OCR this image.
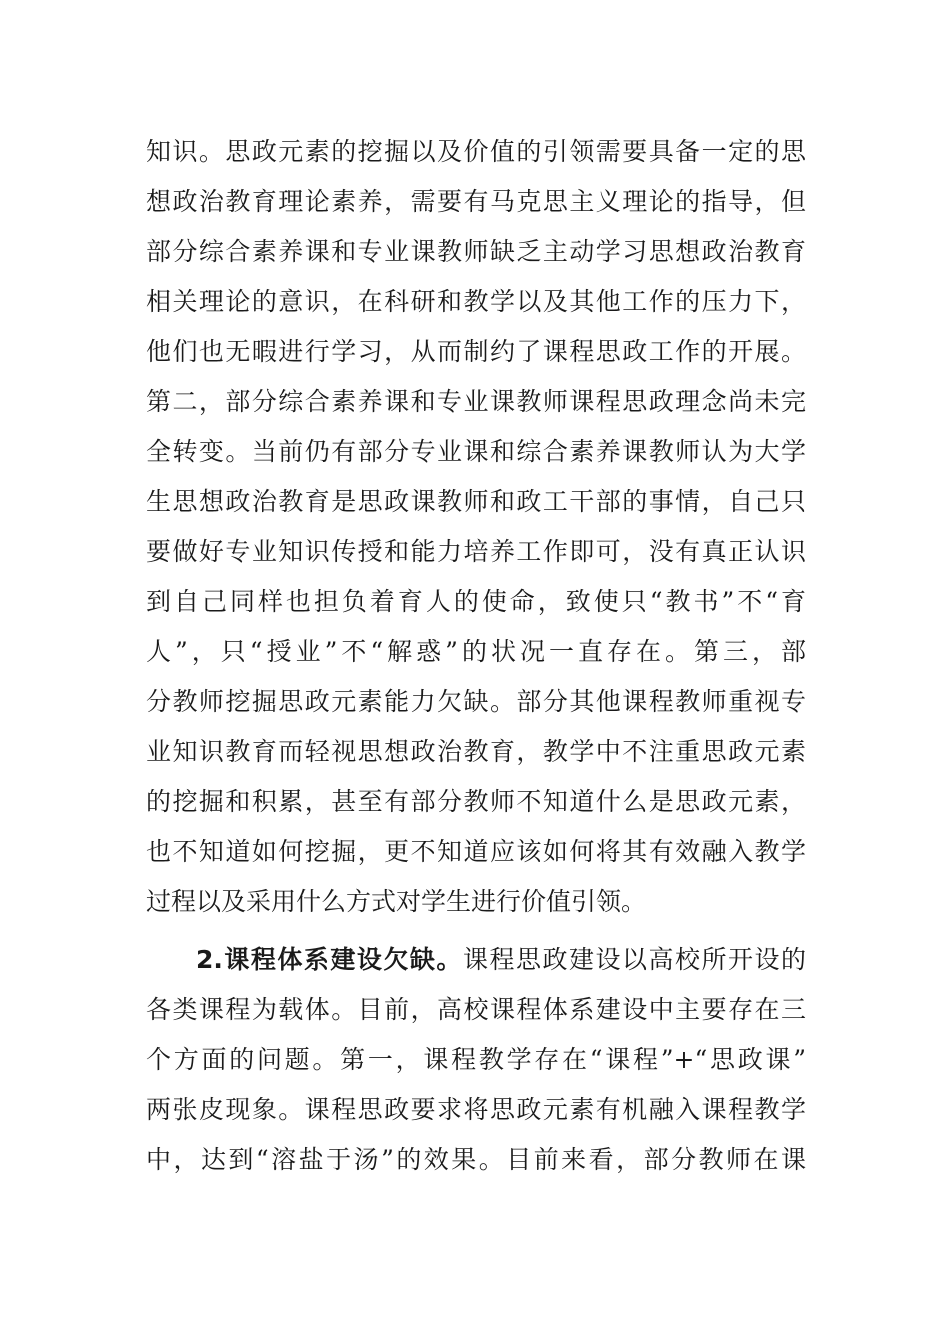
知识。思政元素的挖掘以及价值的引领需要具备一定的思
想政治教育理论素养，需要有马克思主义理论的指导，但
部分综合素养课和专业课教师缺乏主动学习思想政治教育
相关理论的意识，在科研和教学以及其他工作的压力下，
他们也无暇进行学习，从而制约了课程思政工作的开展。
第二，部分综合素养课和专业课教师课程思政理念尚未完
全转变。当前仍有部分专业课和综合素养课教师认为大学
生思想政治教育是思政课教师和政工干部的事情，自己只
要做好专业知识传授和能力培养工作即可，没有真正认识
到自己同样也担负着育人的使命，致使只“教书”不“育
人”，只“授业”不“解惑”的状况一直存在。第三，部
分教师挖掘思政元素能力欠缺。部分其他课程教师重视专
业知识教育而轻视思想政治教育，教学中不注重思政元素
的挖掘和积累，甚至有部分教师不知道什么是思政元素，
也不知道如何挖掘，更不知道应该如何将其有效融入教学
过程以及采用什么方式对学生进行价值引领。
2.课程体系建设欠缺。课程思政建设以高校所开设的
各类课程为载体。目前，高校课程体系建设中主要存在三
个方面的问题。第一，课程教学存在“课程”+“思政课”
两张皮现象。课程思政要求将思政元素有机融入课程教学
中，达到“溶盐于汤”的效果。目前来看，部分教师在课
